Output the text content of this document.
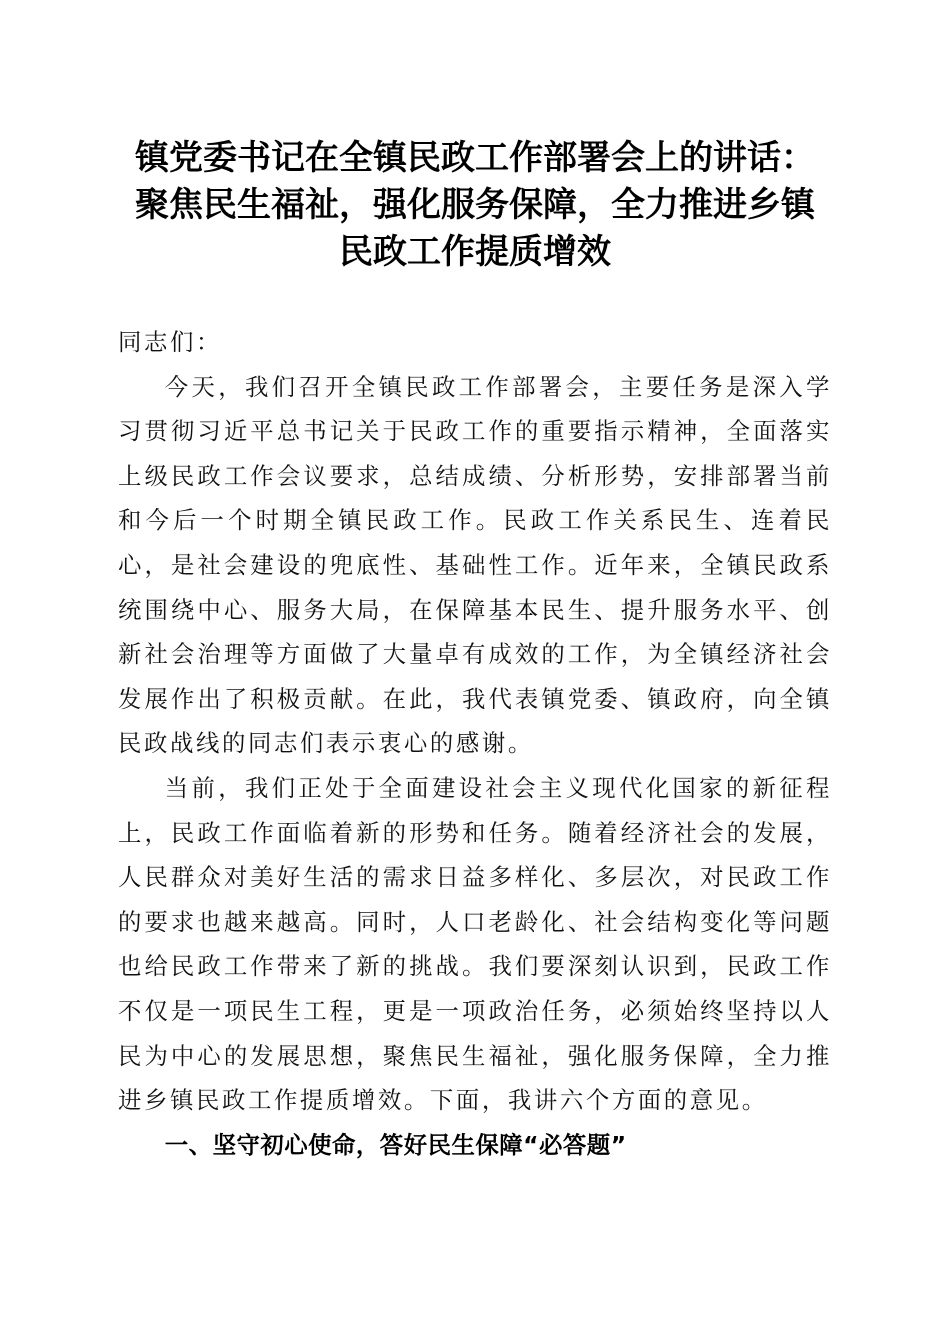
镇党委书记在全镇民政工作部署会上的讲话：
聚焦民生福祉，强化服务保障，全力推进乡镇
民政工作提质增效

同志们：

今天，我们召开全镇民政工作部署会，主要任务是深入学习贯彻习近平总书记关于民政工作的重要指示精神，全面落实上级民政工作会议要求，总结成绩、分析形势，安排部署当前和今后一个时期全镇民政工作。民政工作关系民生、连着民心，是社会建设的兜底性、基础性工作。近年来，全镇民政系统围绕中心、服务大局，在保障基本民生、提升服务水平、创新社会治理等方面做了大量卓有成效的工作，为全镇经济社会发展作出了积极贡献。在此，我代表镇党委、镇政府，向全镇民政战线的同志们表示衷心的感谢。

当前，我们正处于全面建设社会主义现代化国家的新征程上，民政工作面临着新的形势和任务。随着经济社会的发展，人民群众对美好生活的需求日益多样化、多层次，对民政工作的要求也越来越高。同时，人口老龄化、社会结构变化等问题也给民政工作带来了新的挑战。我们要深刻认识到，民政工作不仅是一项民生工程，更是一项政治任务，必须始终坚持以人民为中心的发展思想，聚焦民生福祉，强化服务保障，全力推进乡镇民政工作提质增效。下面，我讲六个方面的意见。

一、坚守初心使命，答好民生保障“必答题”
